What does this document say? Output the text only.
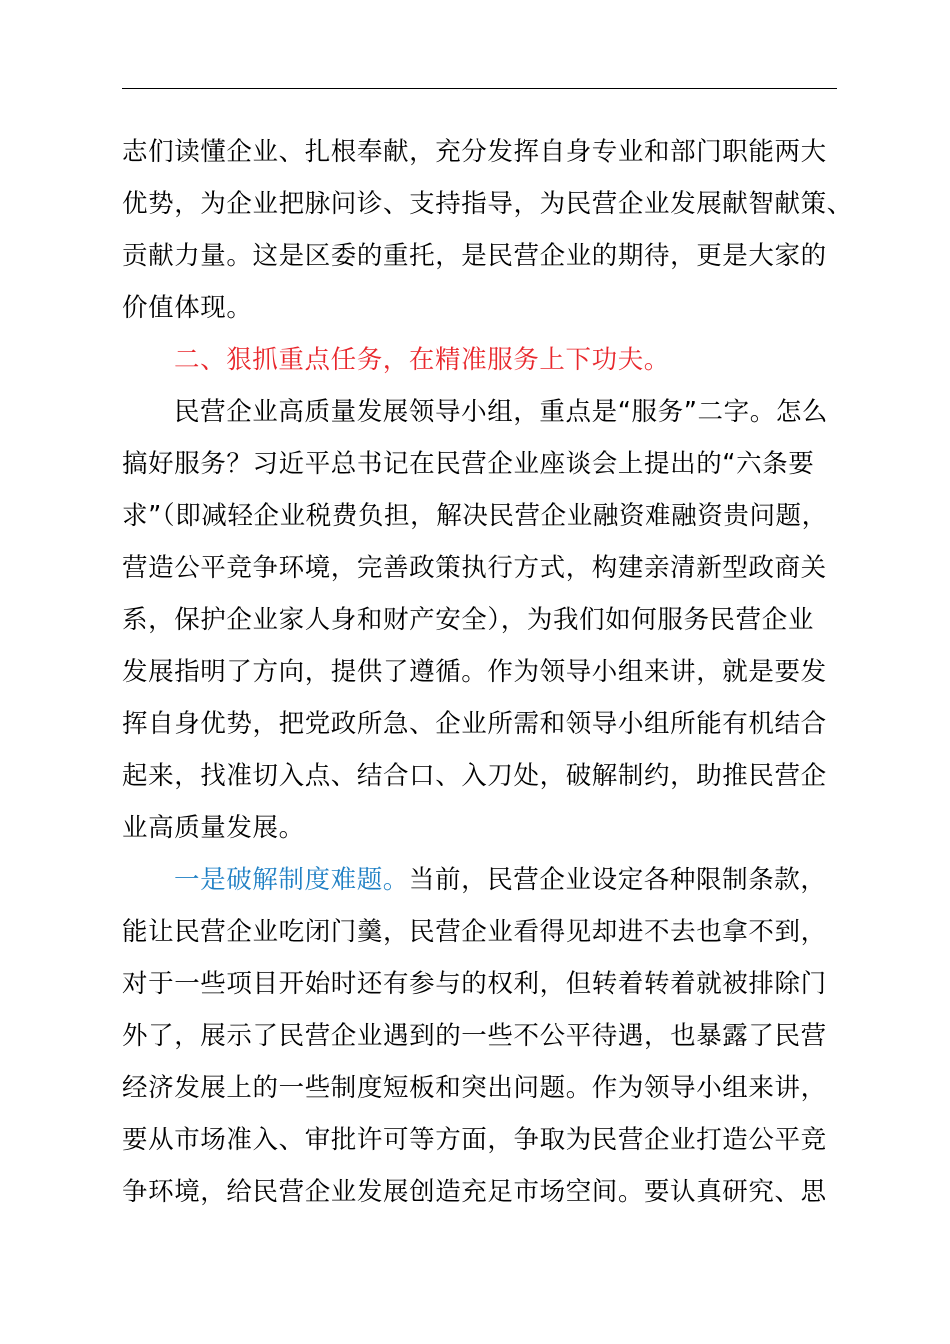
志们读懂企业、扎根奉献，充分发挥自身专业和部门职能两大
优势，为企业把脉问诊、支持指导，为民营企业发展献智献策、
贡献力量。这是区委的重托，是民营企业的期待，更是大家的
价值体现。
二、狠抓重点任务，在精准服务上下功夫。
民营企业高质量发展领导小组，重点是“服务”二字。怎么
搞好服务？习近平总书记在民营企业座谈会上提出的“六条要
求”（即减轻企业税费负担，解决民营企业融资难融资贵问题，
营造公平竞争环境，完善政策执行方式，构建亲清新型政商关
系，保护企业家人身和财产安全），为我们如何服务民营企业
发展指明了方向，提供了遵循。作为领导小组来讲，就是要发
挥自身优势，把党政所急、企业所需和领导小组所能有机结合
起来，找准切入点、结合口、入刀处，破解制约，助推民营企
业高质量发展。
一是破解制度难题。当前，民营企业设定各种限制条款，
能让民营企业吃闭门羹，民营企业看得见却进不去也拿不到，
对于一些项目开始时还有参与的权利，但转着转着就被排除门
外了，展示了民营企业遇到的一些不公平待遇，也暴露了民营
经济发展上的一些制度短板和突出问题。作为领导小组来讲，
要从市场准入、审批许可等方面，争取为民营企业打造公平竞
争环境，给民营企业发展创造充足市场空间。要认真研究、思
